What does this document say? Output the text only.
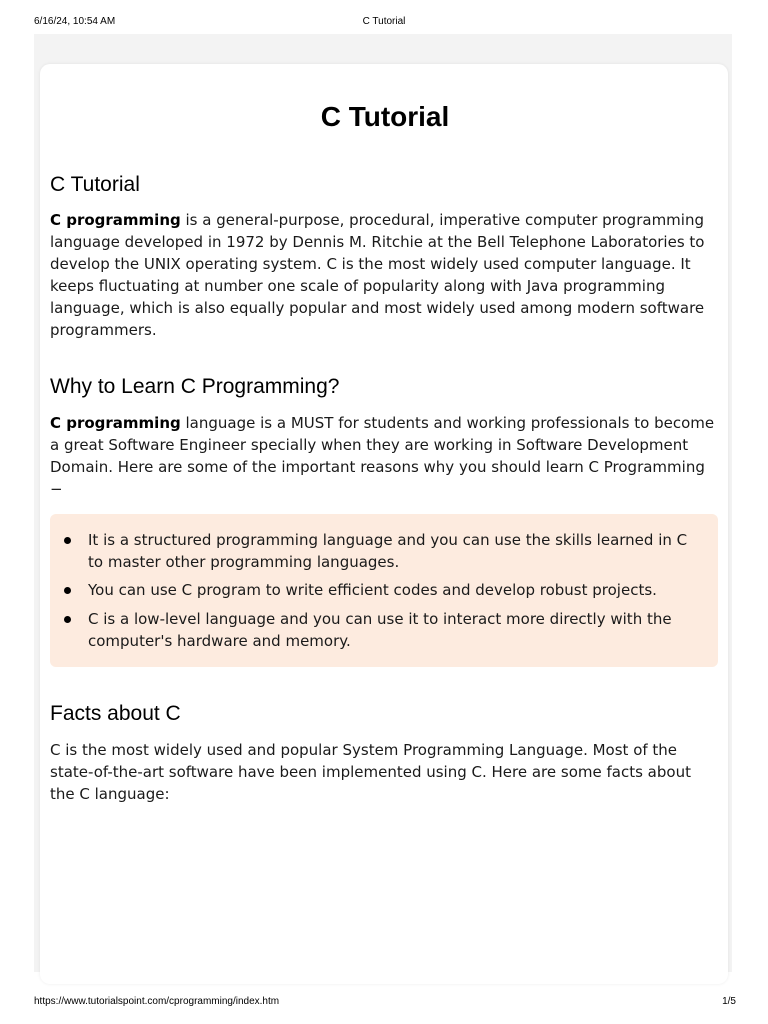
6/16/24, 10:54 AM	C Tutorial
C Tutorial
C Tutorial

C programming is a general-purpose, procedural, imperative computer programming language developed in 1972 by Dennis M. Ritchie at the Bell Telephone Laboratories to develop the UNIX operating system. C is the most widely used computer language. It keeps fluctuating at number one scale of popularity along with Java programming language, which is also equally popular and most widely used among modern software programmers.

Why to Learn C Programming?

C programming language is a MUST for students and working professionals to become a great Software Engineer specially when they are working in Software Development Domain. Here are some of the important reasons why you should learn C Programming −

Facts about C

C is the most widely used and popular System Programming Language. Most of the state-of-the-art software have been implemented using C. Here are some facts about the C language:

It is a structured programming language and you can use the skills learned in C to master other programming languages.
You can use C program to write efficient codes and develop robust projects.
C is a low-level language and you can use it to interact more directly with the computer's hardware and memory.
https://www.tutorialspoint.com/cprogramming/index.htm	1/5
